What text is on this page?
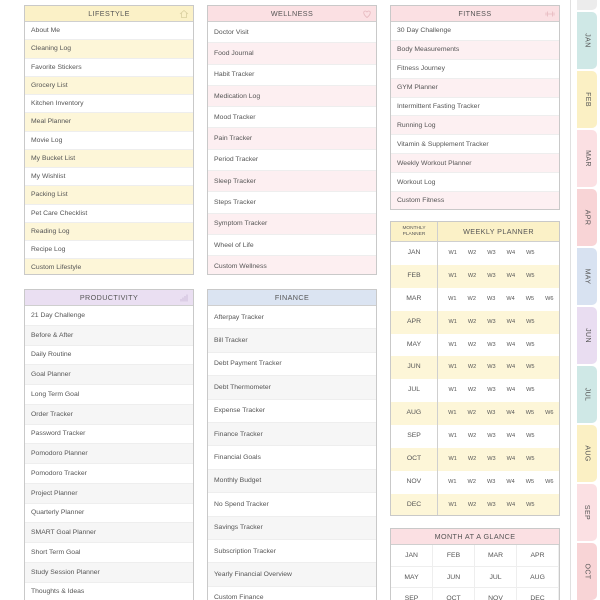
LIFESTYLE
About Me
Cleaning Log
Favorite Stickers
Grocery List
Kitchen Inventory
Meal Planner
Movie Log
My Bucket List
My Wishlist
Packing List
Pet Care Checklist
Reading Log
Recipe Log
Custom Lifestyle
WELLNESS
Doctor Visit
Food Journal
Habit Tracker
Medication Log
Mood Tracker
Pain Tracker
Period Tracker
Sleep Tracker
Steps Tracker
Symptom Tracker
Wheel of Life
Custom Wellness
FITNESS
30 Day Challenge
Body Measurements
Fitness Journey
GYM Planner
Intermittent Fasting Tracker
Running Log
Vitamin & Supplement Tracker
Weekly Workout Planner
Workout Log
Custom Fitness
PRODUCTIVITY
21 Day Challenge
Before & After
Daily Routine
Goal Planner
Long Term Goal
Order Tracker
Password Tracker
Pomodoro Planner
Pomodoro Tracker
Project Planner
Quarterly Planner
SMART Goal Planner
Short Term Goal
Study Session Planner
Thoughts & Ideas
FINANCE
Afterpay Tracker
Bill Tracker
Debt Payment Tracker
Debt Thermometer
Expense Tracker
Finance Tracker
Financial Goals
Monthly Budget
No Spend Tracker
Savings Tracker
Subscription Tracker
Yearly Financial Overview
Custom Finance
MONTHLY PLANNER	WEEKLY PLANNER
JAN	W1	W2	W3	W4	W5
FEB	W1	W2	W3	W4	W5
MAR	W1	W2	W3	W4	W5	W6
APR	W1	W2	W3	W4	W5
MAY	W1	W2	W3	W4	W5
JUN	W1	W2	W3	W4	W5
JUL	W1	W2	W3	W4	W5
AUG	W1	W2	W3	W4	W5	W6
SEP	W1	W2	W3	W4	W5
OCT	W1	W2	W3	W4	W5
NOV	W1	W2	W3	W4	W5	W6
DEC	W1	W2	W3	W4	W5
MONTH AT A GLANCE
JAN	FEB	MAR	APR
MAY	JUN	JUL	AUG
SEP	OCT	NOV	DEC
JAN
FEB
MAR
APR
MAY
JUN
JUL
AUG
SEP
OCT
